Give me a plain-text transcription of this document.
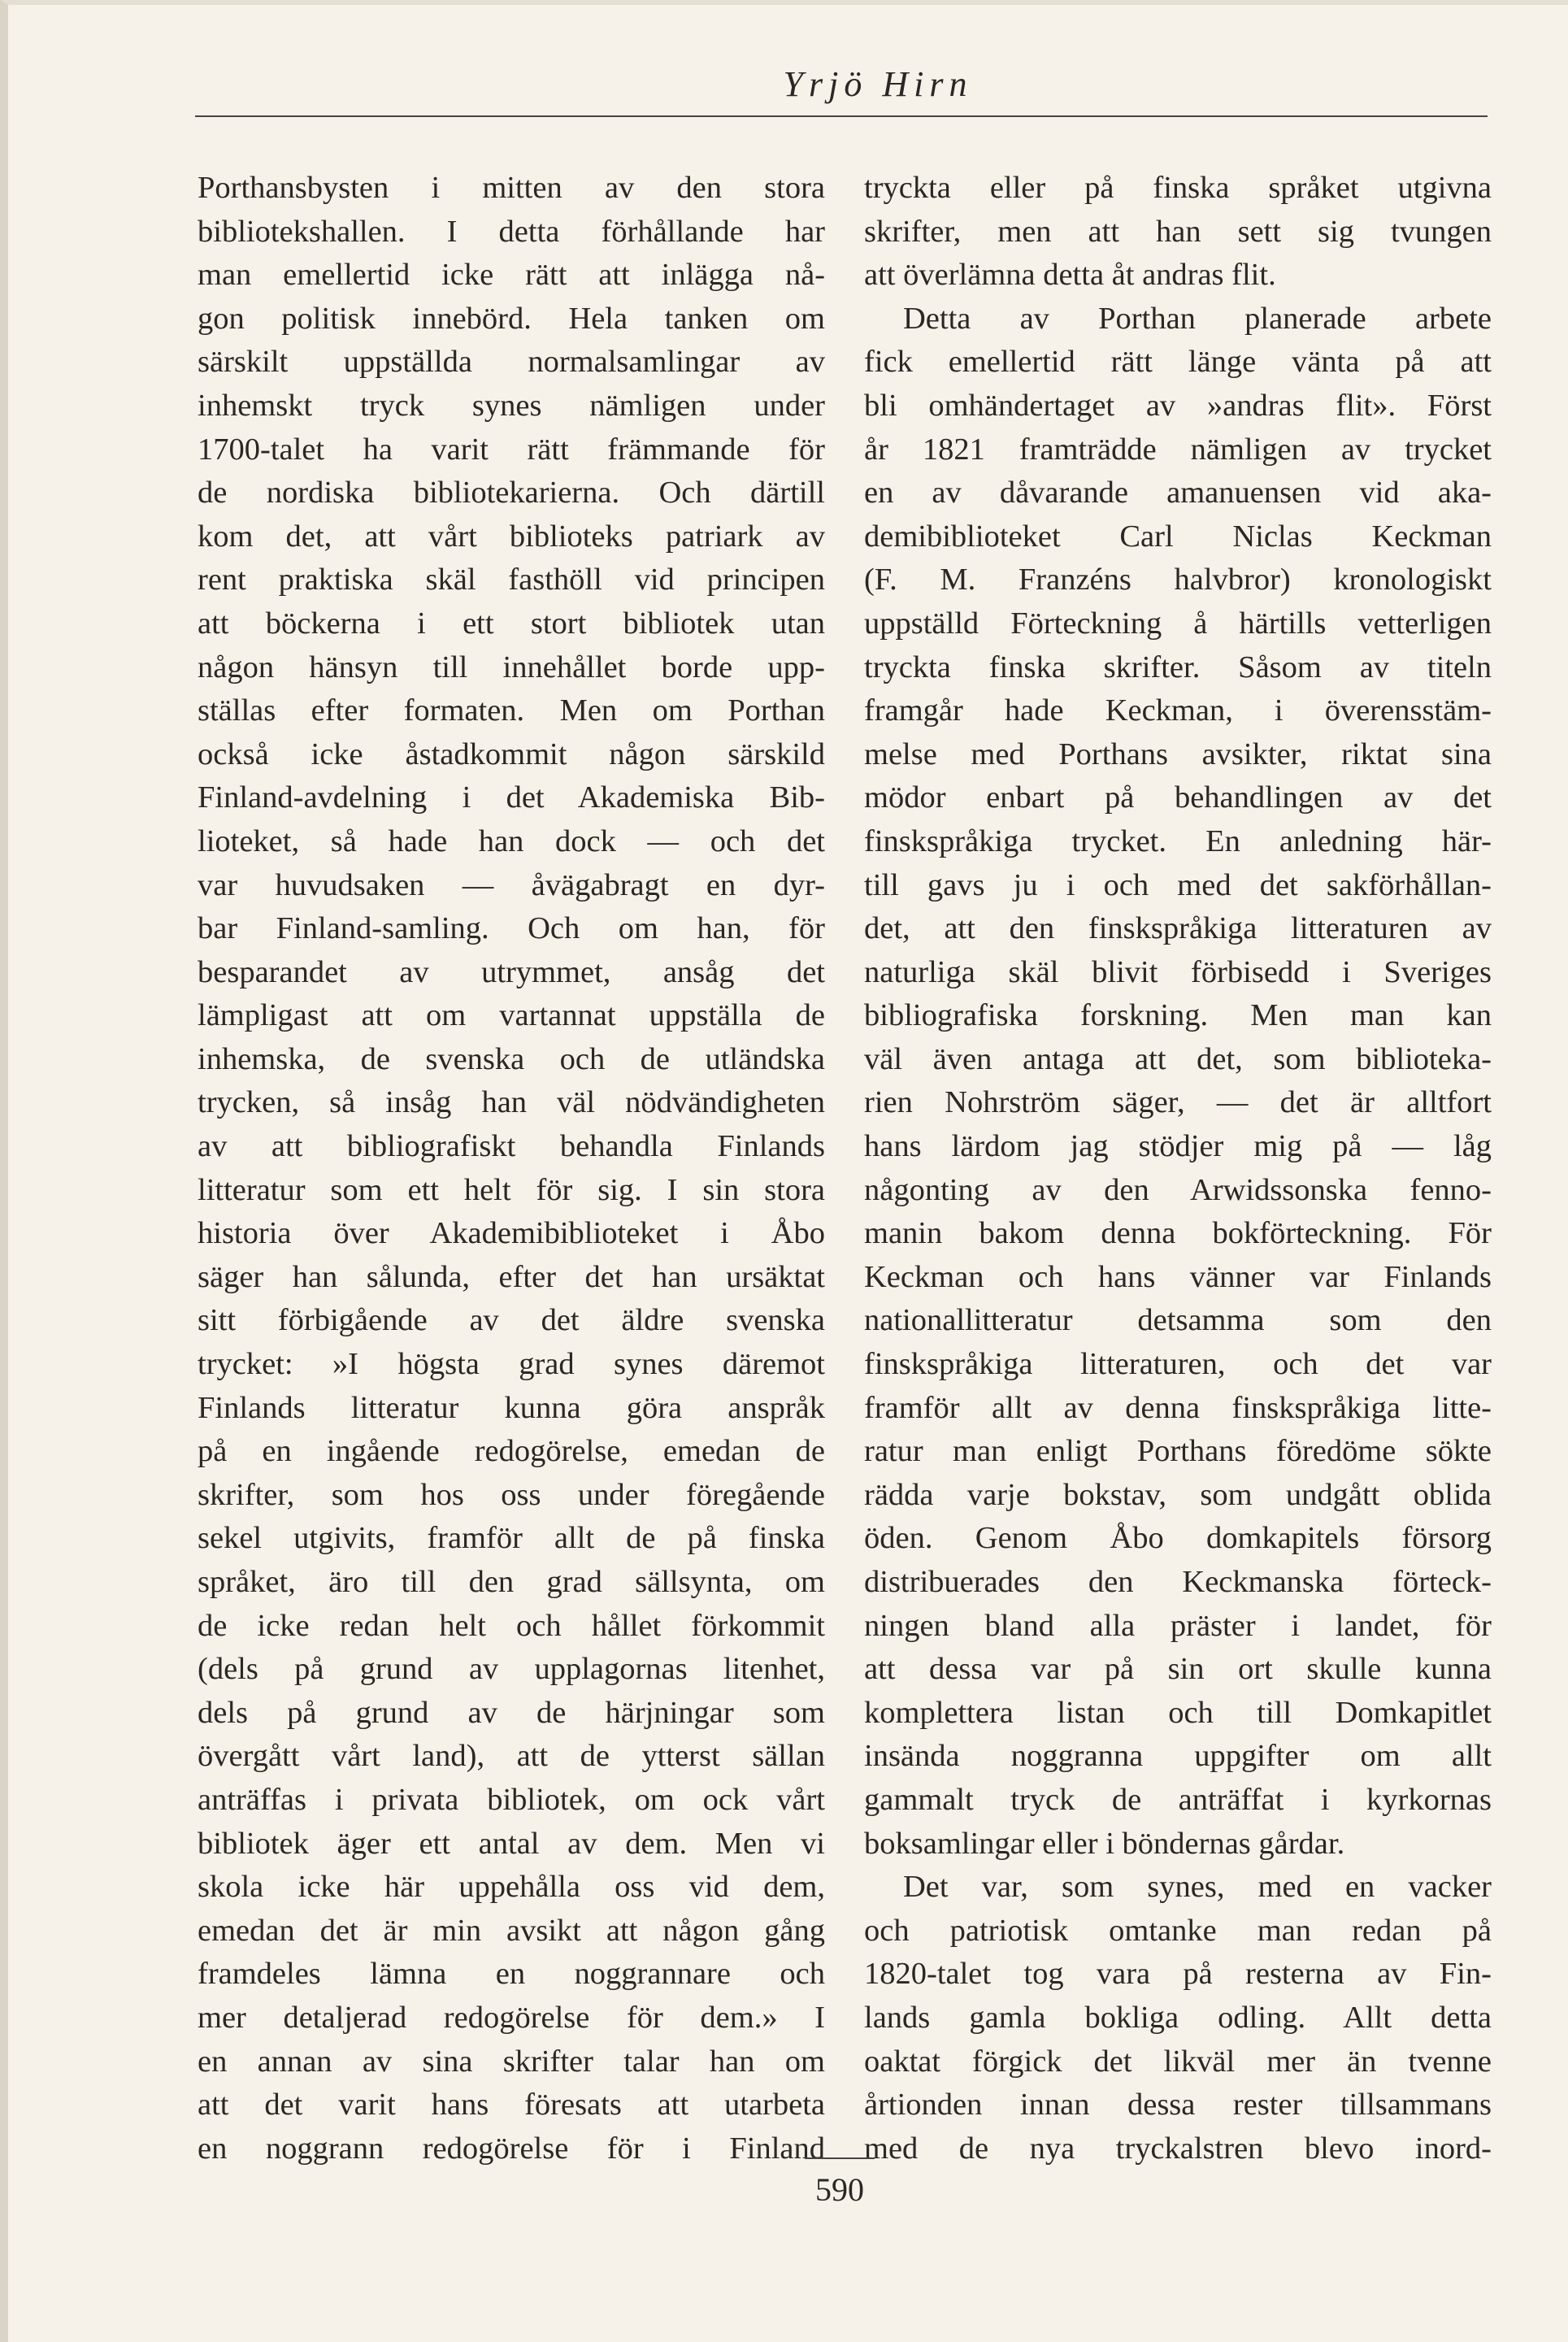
Yrjö Hirn
Porthansbysten i mitten av den stora
bibliotekshallen. I detta förhållande har
man emellertid icke rätt att inlägga nå-
gon politisk innebörd. Hela tanken om
särskilt uppställda normalsamlingar av
inhemskt tryck synes nämligen under
1700-talet ha varit rätt främmande för
de nordiska bibliotekarierna. Och därtill
kom det, att vårt biblioteks patriark av
rent praktiska skäl fasthöll vid principen
att böckerna i ett stort bibliotek utan
någon hänsyn till innehållet borde upp-
ställas efter formaten. Men om Porthan
också icke åstadkommit någon särskild
Finland-avdelning i det Akademiska Bib-
lioteket, så hade han dock — och det
var huvudsaken — åvägabragt en dyr-
bar Finland-samling. Och om han, för
besparandet av utrymmet, ansåg det
lämpligast att om vartannat uppställa de
inhemska, de svenska och de utländska
trycken, så insåg han väl nödvändigheten
av att bibliografiskt behandla Finlands
litteratur som ett helt för sig. I sin stora
historia över Akademibiblioteket i Åbo
säger han sålunda, efter det han ursäktat
sitt förbigående av det äldre svenska
trycket: »I högsta grad synes däremot
Finlands litteratur kunna göra anspråk
på en ingående redogörelse, emedan de
skrifter, som hos oss under föregående
sekel utgivits, framför allt de på finska
språket, äro till den grad sällsynta, om
de icke redan helt och hållet förkommit
(dels på grund av upplagornas litenhet,
dels på grund av de härjningar som
övergått vårt land), att de ytterst sällan
anträffas i privata bibliotek, om ock vårt
bibliotek äger ett antal av dem. Men vi
skola icke här uppehålla oss vid dem,
emedan det är min avsikt att någon gång
framdeles lämna en noggrannare och
mer detaljerad redogörelse för dem.» I
en annan av sina skrifter talar han om
att det varit hans föresats att utarbeta
en noggrann redogörelse för i Finland
tryckta eller på finska språket utgivna
skrifter, men att han sett sig tvungen
att överlämna detta åt andras flit.
Detta av Porthan planerade arbete
fick emellertid rätt länge vänta på att
bli omhändertaget av »andras flit». Först
år 1821 framträdde nämligen av trycket
en av dåvarande amanuensen vid aka-
demibiblioteket Carl Niclas Keckman
(F. M. Franzéns halvbror) kronologiskt
uppställd Förteckning å härtills vetterligen
tryckta finska skrifter. Såsom av titeln
framgår hade Keckman, i överensstäm-
melse med Porthans avsikter, riktat sina
mödor enbart på behandlingen av det
finskspråkiga trycket. En anledning här-
till gavs ju i och med det sakförhållan-
det, att den finskspråkiga litteraturen av
naturliga skäl blivit förbisedd i Sveriges
bibliografiska forskning. Men man kan
väl även antaga att det, som biblioteka-
rien Nohrström säger, — det är alltfort
hans lärdom jag stödjer mig på — låg
någonting av den Arwidssonska fenno-
manin bakom denna bokförteckning. För
Keckman och hans vänner var Finlands
nationallitteratur detsamma som den
finskspråkiga litteraturen, och det var
framför allt av denna finskspråkiga litte-
ratur man enligt Porthans föredöme sökte
rädda varje bokstav, som undgått oblida
öden. Genom Åbo domkapitels försorg
distribuerades den Keckmanska förteck-
ningen bland alla präster i landet, för
att dessa var på sin ort skulle kunna
komplettera listan och till Domkapitlet
insända noggranna uppgifter om allt
gammalt tryck de anträffat i kyrkornas
boksamlingar eller i böndernas gårdar.
Det var, som synes, med en vacker
och patriotisk omtanke man redan på
1820-talet tog vara på resterna av Fin-
lands gamla bokliga odling. Allt detta
oaktat förgick det likväl mer än tvenne
årtionden innan dessa rester tillsammans
med de nya tryckalstren blevo inord-
590
